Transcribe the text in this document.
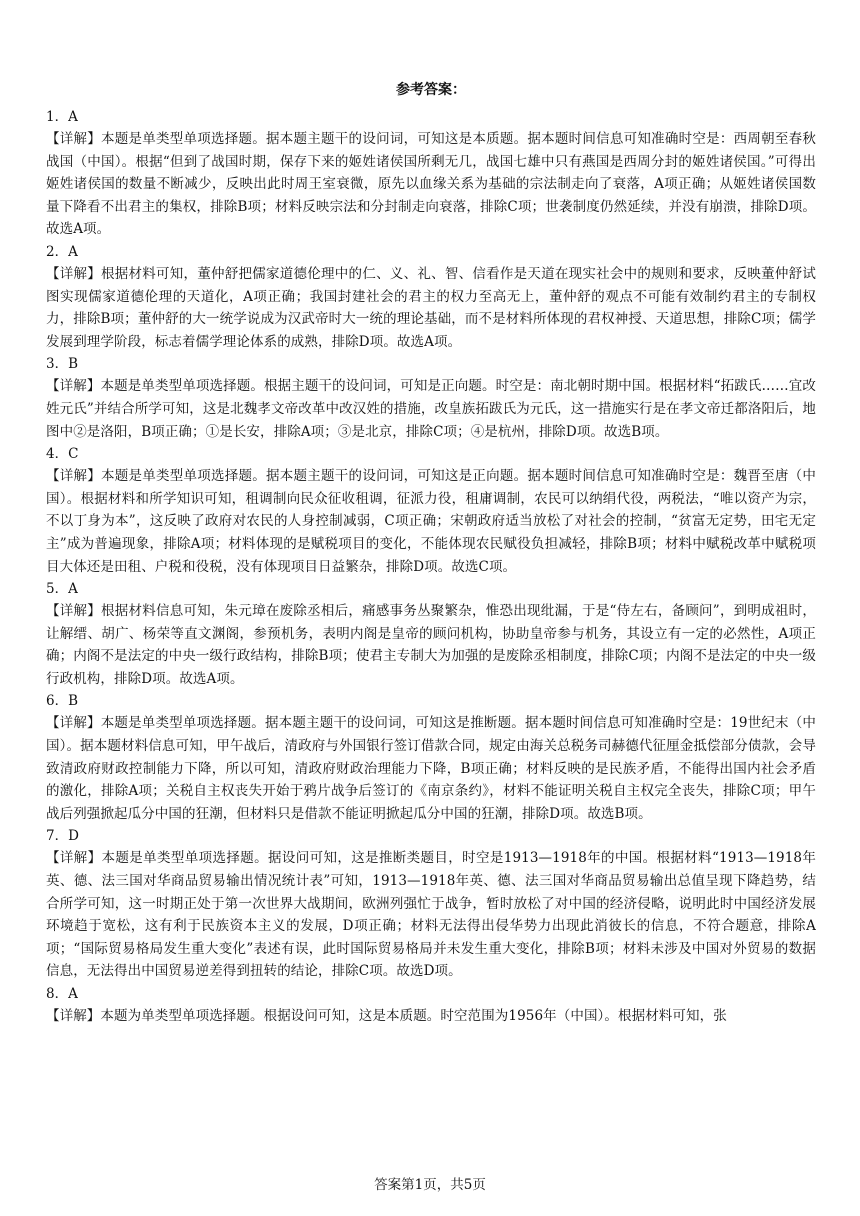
参考答案：

1．A

【详解】本题是单类型单项选择题。据本题主题干的设问词，可知这是本质题。据本题时间信息可知准确时空是：西周朝至春秋战国（中国）。根据“但到了战国时期，保存下来的姬姓诸侯国所剩无几，战国七雄中只有燕国是西周分封的姬姓诸侯国。”可得出姬姓诸侯国的数量不断减少，反映出此时周王室衰微，原先以血缘关系为基础的宗法制走向了衰落，A项正确；从姬姓诸侯国数量下降看不出君主的集权，排除B项；材料反映宗法和分封制走向衰落，排除C项；世袭制度仍然延续，并没有崩溃，排除D项。故选A项。

2．A

【详解】根据材料可知，董仲舒把儒家道德伦理中的仁、义、礼、智、信看作是天道在现实社会中的规则和要求，反映董仲舒试图实现儒家道德伦理的天道化，A项正确；我国封建社会的君主的权力至高无上，董仲舒的观点不可能有效制约君主的专制权力，排除B项；董仲舒的大一统学说成为汉武帝时大一统的理论基础，而不是材料所体现的君权神授、天道思想，排除C项；儒学发展到理学阶段，标志着儒学理论体系的成熟，排除D项。故选A项。

3．B

【详解】本题是单类型单项选择题。根据主题干的设问词，可知是正向题。时空是：南北朝时期中国。根据材料“拓跋氏……宜改姓元氏”并结合所学可知，这是北魏孝文帝改革中改汉姓的措施，改皇族拓跋氏为元氏，这一措施实行是在孝文帝迁都洛阳后，地图中②是洛阳，B项正确；①是长安，排除A项；③是北京，排除C项；④是杭州，排除D项。故选B项。

4．C

【详解】本题是单类型单项选择题。据本题主题干的设问词，可知这是正向题。据本题时间信息可知准确时空是：魏晋至唐（中国）。根据材料和所学知识可知，租调制向民众征收租调，征派力役，租庸调制，农民可以纳绢代役，两税法，“唯以资产为宗，不以丁身为本”，这反映了政府对农民的人身控制减弱，C项正确；宋朝政府适当放松了对社会的控制，“贫富无定势，田宅无定主”成为普遍现象，排除A项；材料体现的是赋税项目的变化，不能体现农民赋役负担减轻，排除B项；材料中赋税改革中赋税项目大体还是田租、户税和役税，没有体现项目日益繁杂，排除D项。故选C项。

5．A

【详解】根据材料信息可知，朱元璋在废除丞相后，痛感事务丛聚繁杂，惟恐出现纰漏，于是“侍左右，备顾问”，到明成祖时，让解缙、胡广、杨荣等直文渊阁，参预机务，表明内阁是皇帝的顾问机构，协助皇帝参与机务，其设立有一定的必然性，A项正确；内阁不是法定的中央一级行政结构，排除B项；使君主专制大为加强的是废除丞相制度，排除C项；内阁不是法定的中央一级行政机构，排除D项。故选A项。

6．B

【详解】本题是单类型单项选择题。据本题主题干的设问词，可知这是推断题。据本题时间信息可知准确时空是：19世纪末（中国）。据本题材料信息可知，甲午战后，清政府与外国银行签订借款合同，规定由海关总税务司赫德代征厘金抵偿部分债款，会导致清政府财政控制能力下降，所以可知，清政府财政治理能力下降，B项正确；材料反映的是民族矛盾，不能得出国内社会矛盾的激化，排除A项；关税自主权丧失开始于鸦片战争后签订的《南京条约》，材料不能证明关税自主权完全丧失，排除C项；甲午战后列强掀起瓜分中国的狂潮，但材料只是借款不能证明掀起瓜分中国的狂潮，排除D项。故选B项。

7．D

【详解】本题是单类型单项选择题。据设问可知，这是推断类题目，时空是1913—1918年的中国。根据材料“1913—1918年英、德、法三国对华商品贸易输出情况统计表”可知，1913—1918年英、德、法三国对华商品贸易输出总值呈现下降趋势，结合所学可知，这一时期正处于第一次世界大战期间，欧洲列强忙于战争，暂时放松了对中国的经济侵略，说明此时中国经济发展环境趋于宽松，这有利于民族资本主义的发展，D项正确；材料无法得出侵华势力出现此消彼长的信息，不符合题意，排除A项；“国际贸易格局发生重大变化”表述有误，此时国际贸易格局并未发生重大变化，排除B项；材料未涉及中国对外贸易的数据信息，无法得出中国贸易逆差得到扭转的结论，排除C项。故选D项。

8．A

【详解】本题为单类型单项选择题。根据设问可知，这是本质题。时空范围为1956年（中国）。根据材料可知，张

答案第1页，共5页
